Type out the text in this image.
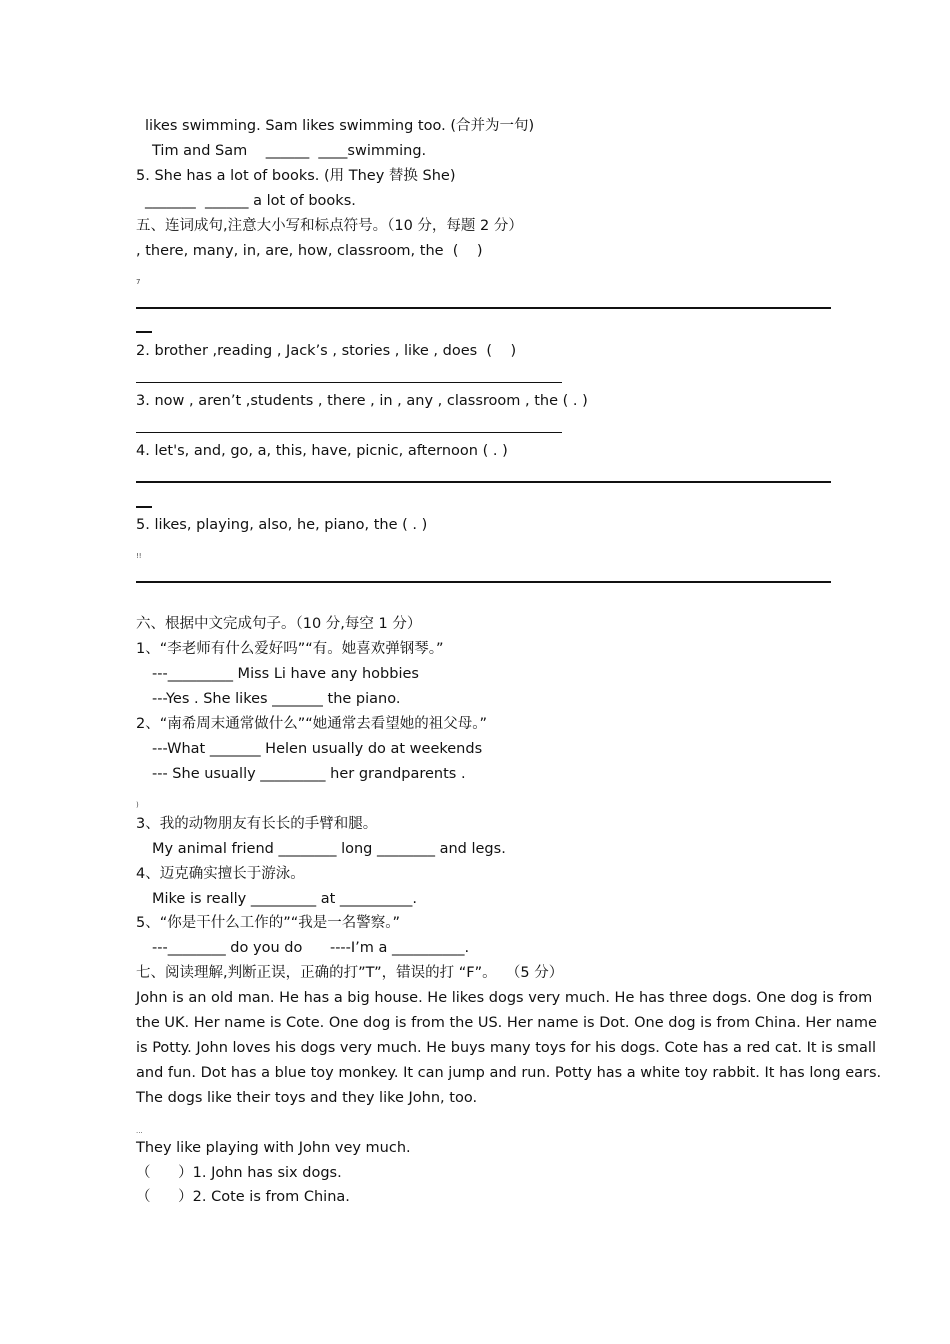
likes swimming. Sam likes swimming too. (合并为一句)
Tim and Sam    ______  ____swimming.
5. She has a lot of books. (用 They 替换 She)
_______  ______ a lot of books.
五、连词成句,注意大小写和标点符号。（10 分，每题 2 分）
, there, many, in, are, how, classroom, the  (    )
7
2. brother ,reading , Jack’s , stories , like , does  (    )
3. now , aren’t ,students , there , in , any , classroom , the ( . )
4. let's, and, go, a, this, have, picnic, afternoon ( . )
5. likes, playing, also, he, piano, the ( . )
!!
六、根据中文完成句子。（10 分,每空 1 分）
1、“李老师有什么爱好吗”“有。她喜欢弹钢琴。”
---_________ Miss Li have any hobbies
---Yes . She likes _______ the piano.
2、“南希周末通常做什么”“她通常去看望她的祖父母。”
---What _______ Helen usually do at weekends
--- She usually _________ her grandparents .
)
3、我的动物朋友有长长的手臂和腿。
My animal friend ________ long ________ and legs.
4、迈克确实擅长于游泳。
Mike is really _________ at __________.
5、“你是干什么工作的”“我是一名警察。”
---________ do you do      ----I’m a __________.
七、阅读理解,判断正误，正确的打”T”，错误的打 “F”。  （5 分）
John is an old man. He has a big house. He likes dogs very much. He has three dogs. One dog is from
the UK. Her name is Cote. One dog is from the US. Her name is Dot. One dog is from China. Her name
is Potty. John loves his dogs very much. He buys many toys for his dogs. Cote has a red cat. It is small
and fun. Dot has a blue toy monkey. It can jump and run. Potty has a white toy rabbit. It has long ears.
The dogs like their toys and they like John, too.
...
They like playing with John vey much.
（      ）1. John has six dogs.
（      ）2. Cote is from China.
